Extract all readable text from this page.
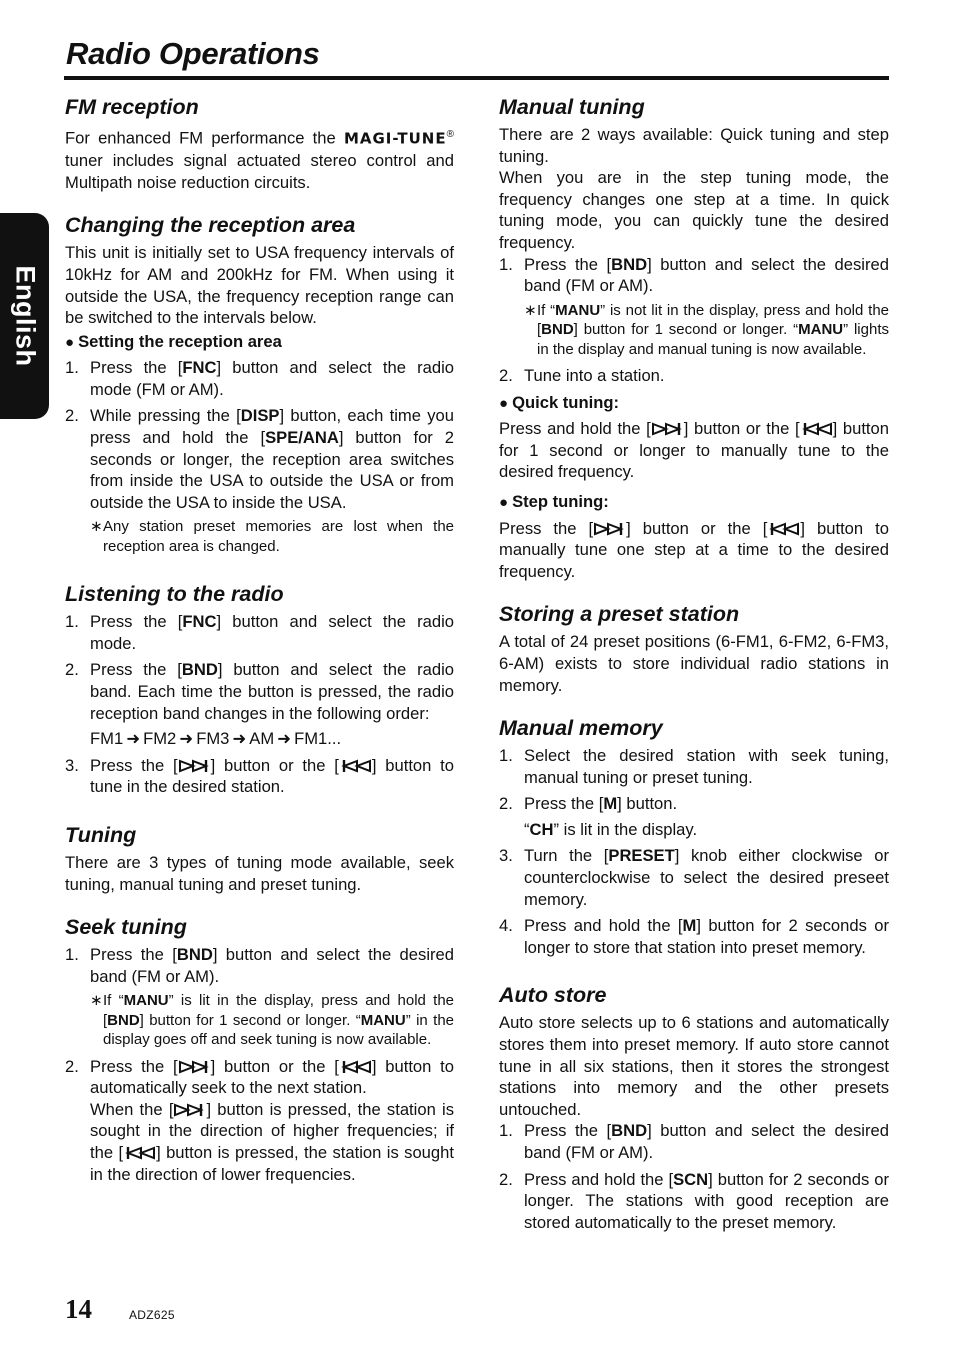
Radio Operations
English
FM reception

For enhanced FM performance the MAGI-TUNE® tuner includes signal actuated stereo control and Multipath noise reduction circuits.

Changing the reception area

This unit is initially set to USA frequency intervals of 10kHz for AM and 200kHz for FM. When using it outside the USA, the frequency reception range can be switched to the intervals below.

● Setting the reception area
1. Press the [FNC] button and select the radio mode (FM or AM).
2. While pressing the [DISP] button, each time you press and hold the [SPE/ANA] button for 2 seconds or longer, the reception area switches from inside the USA to outside the USA or from outside the USA to inside the USA.
∗ Any station preset memories are lost when the reception area is changed.
Listening to the radio
1. Press the [FNC] button and select the radio mode.
2. Press the [BND] button and select the radio band. Each time the button is pressed, the radio reception band changes in the following order:
FM1 ➜ FM2 ➜ FM3 ➜ AM ➜ FM1...
3. Press the [ ] button or the [ ] button to tune in the desired station.
Tuning

There are 3 types of tuning mode available, seek tuning, manual tuning and preset tuning.

Seek tuning
1. Press the [BND] button and select the desired band (FM or AM).
∗ If “MANU” is lit in the display, press and hold the [BND] button for 1 second or longer. “MANU” in the display goes off and seek tuning is now available.
2. Press the [ ] button or the [ ] button to automatically seek to the next station.

When the [ ] button is pressed, the station is sought in the direction of higher frequencies; if the [ ] button is pressed, the station is sought in the direction of lower frequencies.

Manual tuning

There are 2 ways available: Quick tuning and step tuning.

When you are in the step tuning mode, the frequency changes one step at a time. In quick tuning mode, you can quickly tune the desired frequency.

1. Press the [BND] button and select the desired band (FM or AM).
∗ If “MANU” is not lit in the display, press and hold the [BND] button for 1 second or longer. “MANU” lights in the display and manual tuning is now available.
2. Tune into a station.
● Quick tuning:

Press and hold the [ ] button or the [ ] button for 1 second or longer to manually tune to the desired frequency.

● Step tuning:

Press the [ ] button or the [ ] button to manually tune one step at a time to the desired frequency.

Storing a preset station

A total of 24 preset positions (6-FM1, 6-FM2, 6-FM3, 6-AM) exists to store individual radio stations in memory.

Manual memory
1. Select the desired station with seek tuning, manual tuning or preset tuning.
2. Press the [M] button.
“CH” is lit in the display.
3. Turn the [PRESET] knob either clockwise or counterclockwise to select the desired preseet memory.
4. Press and hold the [M] button for 2 seconds or longer to store that station into preset memory.
Auto store

Auto store selects up to 6 stations and automatically stores them into preset memory. If auto store cannot tune in all six stations, then it stores the strongest stations into memory and the other presets untouched.

1. Press the [BND] button and select the desired band (FM or AM).
2. Press and hold the [SCN] button for 2 seconds or longer. The stations with good reception are stored automatically to the preset memory.

14	ADZ625
